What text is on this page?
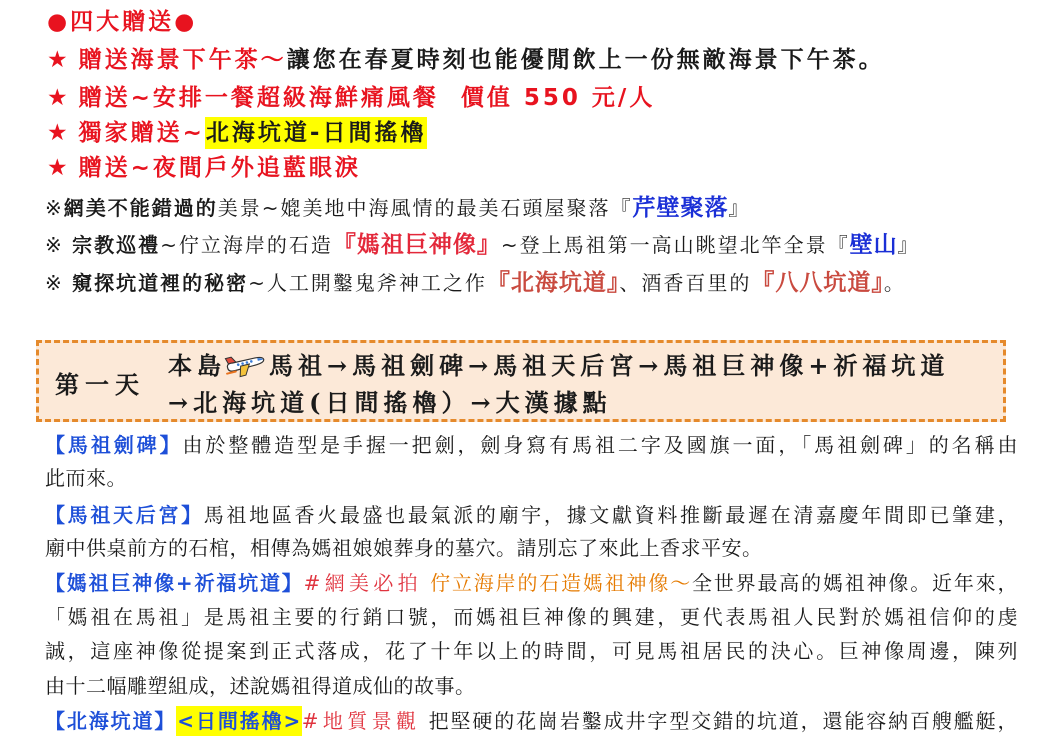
●四大贈送●
★ 贈送海景下午茶～讓您在春夏時刻也能優閒飲上一份無敵海景下午茶。
★ 贈送~安排一餐超級海鮮痛風餐  價值 550 元/人
★ 獨家贈送~北海坑道-日間搖櫓
★ 贈送~夜間戶外追藍眼淚
※網美不能錯過的美景~媲美地中海風情的最美石頭屋聚落『芹壁聚落』
※ 宗教巡禮~佇立海岸的石造『媽祖巨神像』~登上馬祖第一高山眺望北竿全景『壁山』
※ 窺探坑道裡的秘密~人工開鑿鬼斧神工之作『北海坑道』、酒香百里的『八八坑道』。
第一天
本島 馬祖→馬祖劍碑→馬祖天后宮→馬祖巨神像+祈福坑道
→北海坑道(日間搖櫓）→大漢據點
【馬祖劍碑】由於整體造型是手握一把劍，劍身寫有馬祖二字及國旗一面，「馬祖劍碑」的名稱由
此而來。
【馬祖天后宮】馬祖地區香火最盛也最氣派的廟宇，據文獻資料推斷最遲在清嘉慶年間即已肇建，
廟中供桌前方的石棺，相傳為媽祖娘娘葬身的墓穴。請別忘了來此上香求平安。
【媽祖巨神像+祈福坑道】#網美必拍 佇立海岸的石造媽祖神像～全世界最高的媽祖神像。近年來，
「媽祖在馬祖」是馬祖主要的行銷口號，而媽祖巨神像的興建，更代表馬祖人民對於媽祖信仰的虔
誠，這座神像從提案到正式落成，花了十年以上的時間，可見馬祖居民的決心。巨神像周邊，陳列
由十二幅雕塑組成，述說媽祖得道成仙的故事。
【北海坑道】<日間搖櫓>#地質景觀 把堅硬的花崗岩鑿成井字型交錯的坑道，還能容納百艘艦艇，
